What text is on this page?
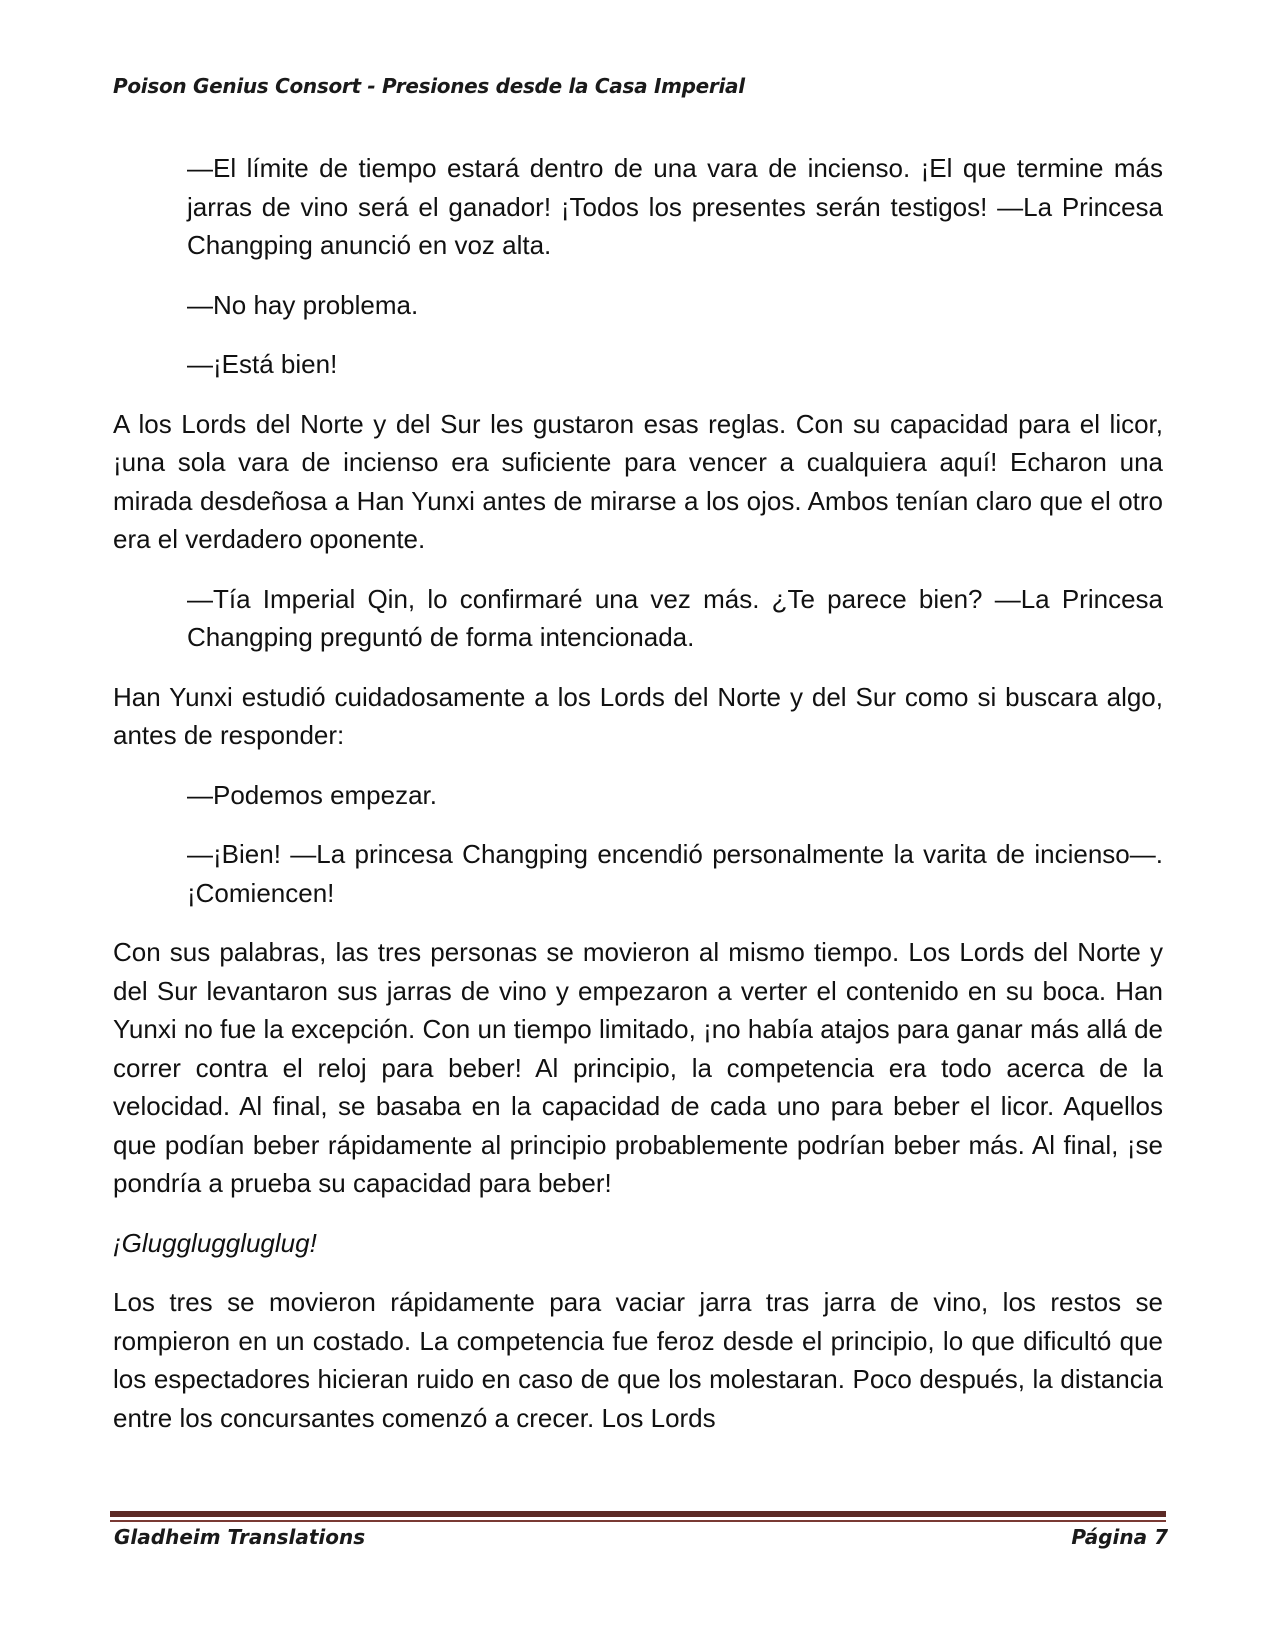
Poison Genius Consort - Presiones desde la Casa Imperial

—El límite de tiempo estará dentro de una vara de incienso. ¡El que termine más jarras de vino será el ganador! ¡Todos los presentes serán testigos! —La Princesa Changping anunció en voz alta.

—No hay problema.

—¡Está bien!

A los Lords del Norte y del Sur les gustaron esas reglas. Con su capacidad para el licor, ¡una sola vara de incienso era suficiente para vencer a cualquiera aquí! Echaron una mirada desdeñosa a Han Yunxi antes de mirarse a los ojos. Ambos tenían claro que el otro era el verdadero oponente.

—Tía Imperial Qin, lo confirmaré una vez más. ¿Te parece bien? —La Princesa Changping preguntó de forma intencionada.

Han Yunxi estudió cuidadosamente a los Lords del Norte y del Sur como si buscara algo, antes de responder:

—Podemos empezar.

—¡Bien! —La princesa Changping encendió personalmente la varita de incienso—. ¡Comiencen!

Con sus palabras, las tres personas se movieron al mismo tiempo. Los Lords del Norte y del Sur levantaron sus jarras de vino y empezaron a verter el contenido en su boca. Han Yunxi no fue la excepción. Con un tiempo limitado, ¡no había atajos para ganar más allá de correr contra el reloj para beber! Al principio, la competencia era todo acerca de la velocidad. Al final, se basaba en la capacidad de cada uno para beber el licor. Aquellos que podían beber rápidamente al principio probablemente podrían beber más. Al final, ¡se pondría a prueba su capacidad para beber!

¡Gluggluggluglug!

Los tres se movieron rápidamente para vaciar jarra tras jarra de vino, los restos se rompieron en un costado. La competencia fue feroz desde el principio, lo que dificultó que los espectadores hicieran ruido en caso de que los molestaran. Poco después, la distancia entre los concursantes comenzó a crecer. Los Lords

Gladheim Translations	Página 7
